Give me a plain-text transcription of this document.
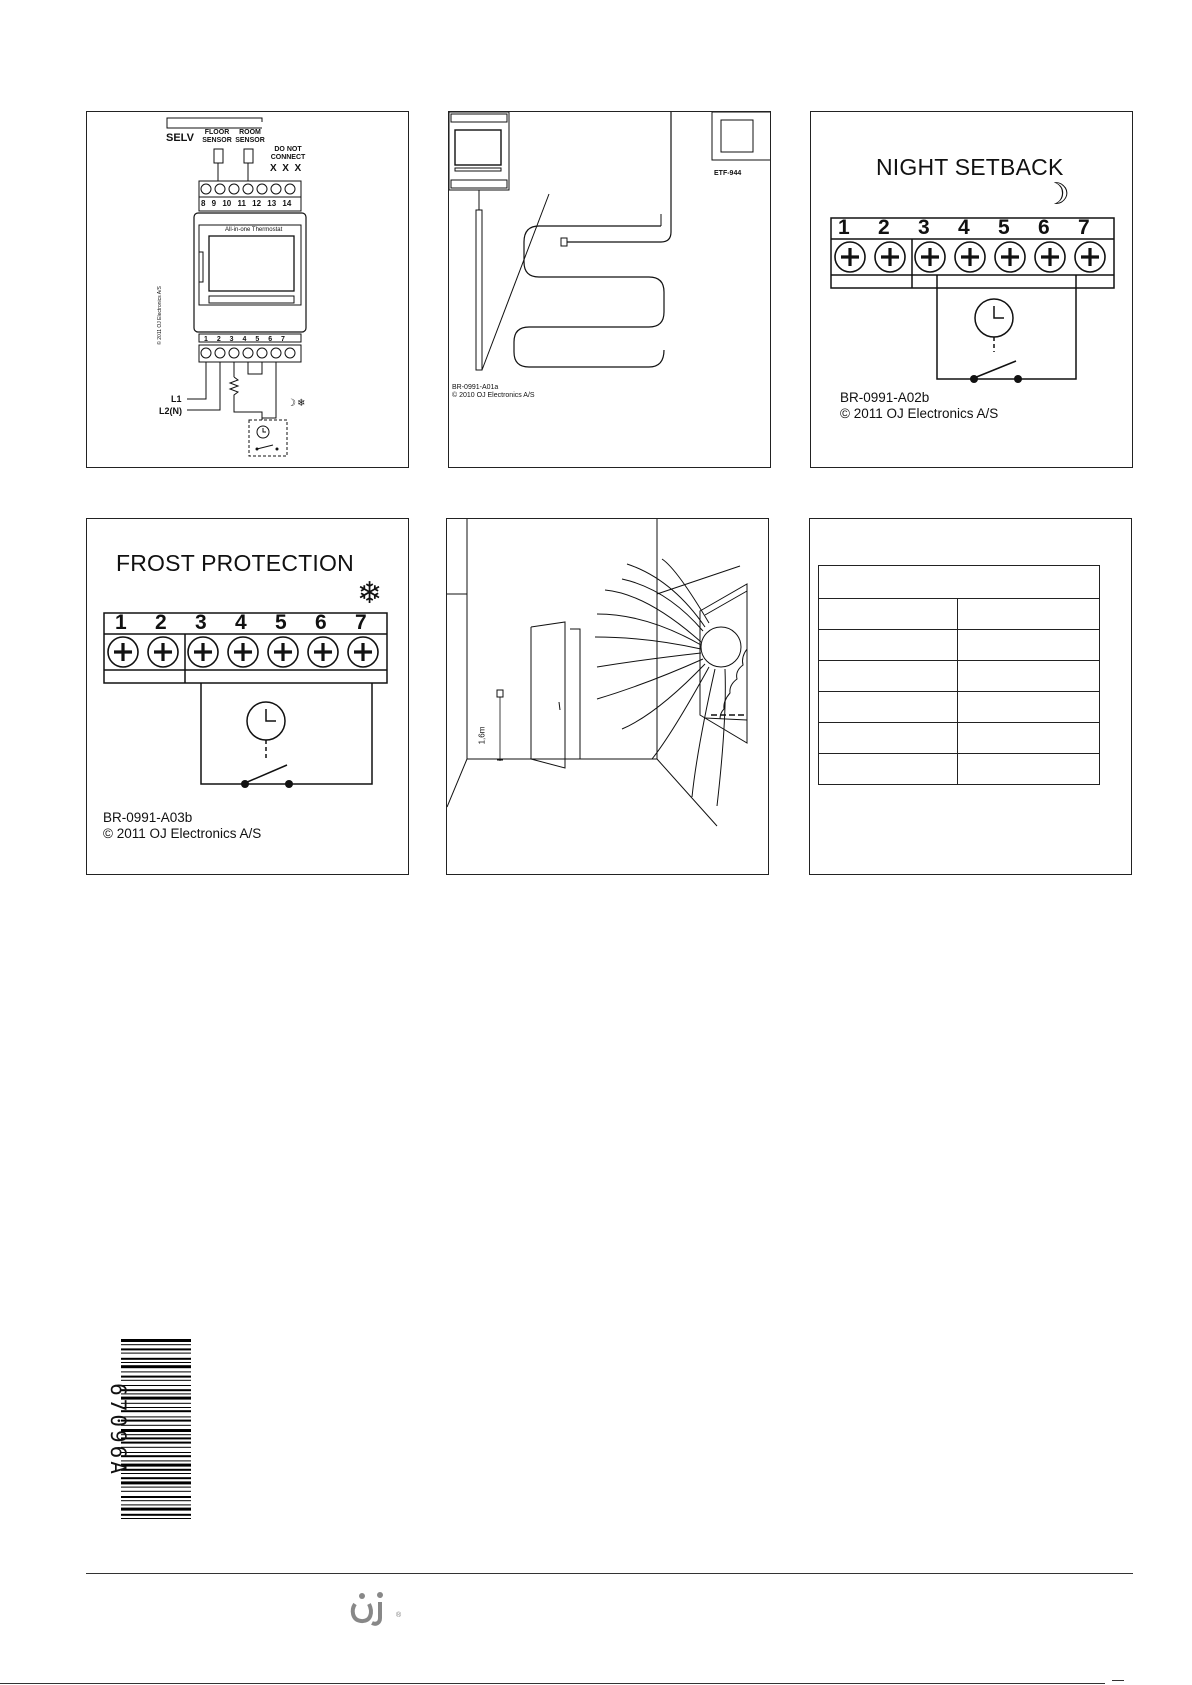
SELV	FLOOR SENSOR
ROOM SENSOR
DO NOT CONNECT
X  X  X
8 9 10 11 12 13 14
All-in-one Thermostat
1 2 3 4 5 6 7
© 2011 OJ Electronics A/S
L1
L2(N)
☽ ❄
ETF-944
BR-0991-A01a
© 2010 OJ Electronics A/S
NIGHT SETBACK
☽
1 2 3 4 5 6 7
BR-0991-A02b
© 2011 OJ Electronics A/S
FROST PROTECTION
❄
1 2 3 4 5 6 7
BR-0991-A03b
© 2011 OJ Electronics A/S
1,6m

67096A
®
